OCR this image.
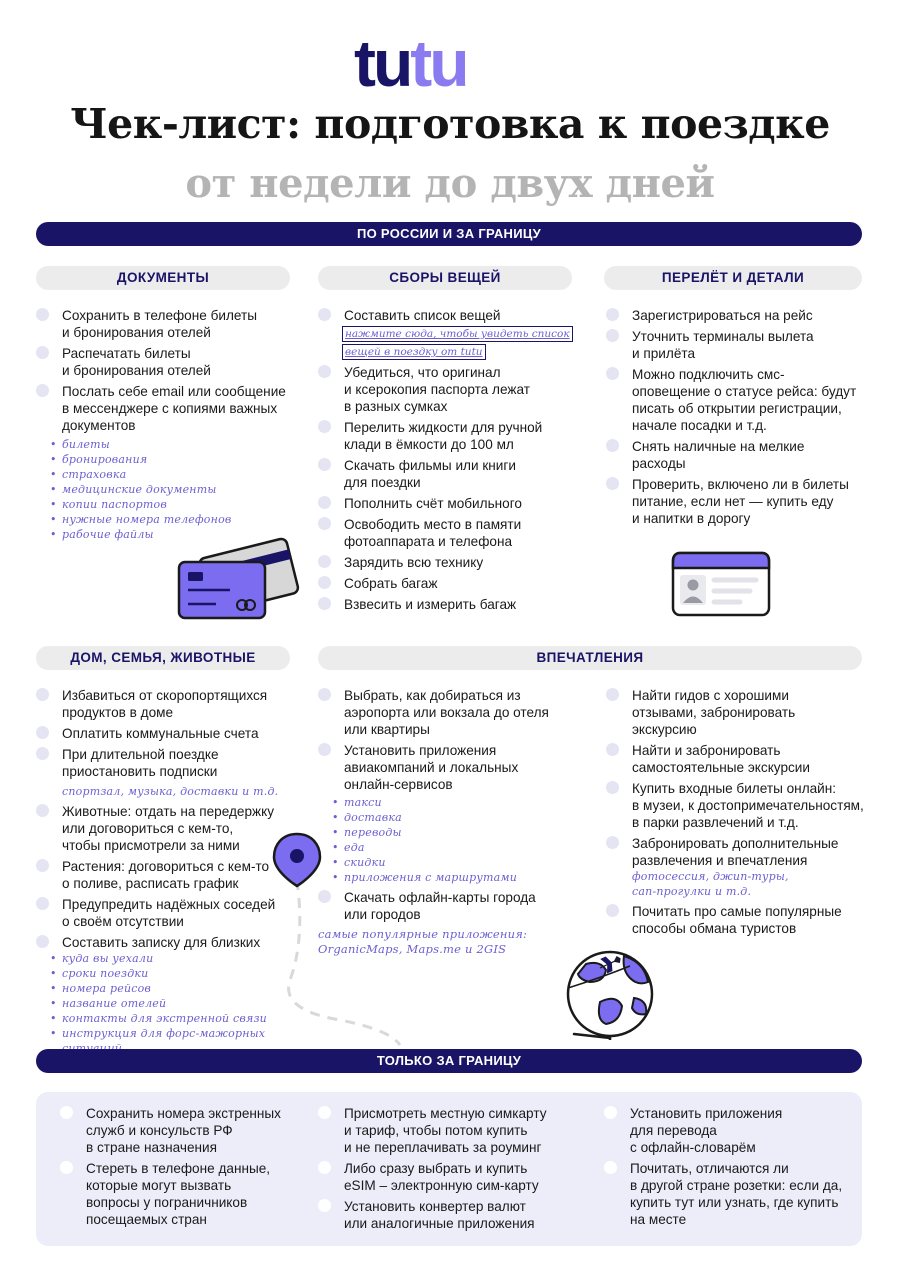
tutu
Чек-лист: подготовка к поездке
от недели до двух дней
ПО РОССИИ И ЗА ГРАНИЦУ
ДОКУМЕНТЫ	СБОРЫ ВЕЩЕЙ	ПЕРЕЛЁТ И ДЕТАЛИ
Сохранить в телефоне билеты
и бронирования отелей
Распечатать билеты
и бронирования отелей
Послать себе email или сообщение
в мессенджере с копиями важных
документов
• билеты
• бронирования
• страховка
• медицинские документы
• копии паспортов
• нужные номера телефонов
• рабочие файлы
Составить список вещей
нажмите сюда, чтобы увидеть список
вещей в поездку от tutu
Убедиться, что оригинал
и ксерокопия паспорта лежат
в разных сумках
Перелить жидкости для ручной
клади в ёмкости до 100 мл
Скачать фильмы или книги
для поездки
Пополнить счёт мобильного
Освободить место в памяти
фотоаппарата и телефона
Зарядить всю технику
Собрать багаж
Взвесить и измерить багаж
Зарегистрироваться на рейс
Уточнить терминалы вылета
и прилёта
Можно подключить смс-
оповещение о статусе рейса: будут
писать об открытии регистрации,
начале посадки и т.д.
Снять наличные на мелкие
расходы
Проверить, включено ли в билеты
питание, если нет — купить еду
и напитки в дорогу
ДОМ, СЕМЬЯ, ЖИВОТНЫЕ	ВПЕЧАТЛЕНИЯ
Избавиться от скоропортящихся
продуктов в доме
Оплатить коммунальные счета
При длительной поездке
приостановить подписки
спортзал, музыка, доставки и т.д.
Животные: отдать на передержку
или договориться с кем-то,
чтобы присмотрели за ними
Растения: договориться с кем-то
о поливе, расписать график
Предупредить надёжных соседей
о своём отсутствии
Составить записку для близких
• куда вы уехали
• сроки поездки
• номера рейсов
• название отелей
• контакты для экстренной связи
• инструкция для форс-мажорных
Выбрать, как добираться из
аэропорта или вокзала до отеля
или квартиры
Установить приложения
авиакомпаний и локальных
онлайн-сервисов
• такси
• доставка
• переводы
• еда
• скидки
• приложения с маршрутами
Скачать офлайн-карты города
или городов
самые популярные приложения:
OrganicMaps, Maps.me и 2GIS
Найти гидов с хорошими
отзывами, забронировать
экскурсию
Найти и забронировать
самостоятельные экскурсии
Купить входные билеты онлайн:
в музеи, к достопримечательностям,
в парки развлечений и т.д.
Забронировать дополнительные
развлечения и впечатления
фотосессия, джип-туры,
сап-прогулки и т.д.
Почитать про самые популярные
способы обмана туристов
ТОЛЬКО ЗА ГРАНИЦУ
Сохранить номера экстренных
служб и консульств РФ
в стране назначения
Стереть в телефоне данные,
которые могут вызвать
вопросы у пограничников
посещаемых стран
Присмотреть местную симкарту
и тариф, чтобы потом купить
и не переплачивать за роуминг
Либо сразу выбрать и купить
eSIM – электронную сим-карту
Установить конвертер валют
или аналогичные приложения
Установить приложения
для перевода
с офлайн-словарём
Почитать, отличаются ли
в другой стране розетки: если да,
купить тут или узнать, где купить
на месте
